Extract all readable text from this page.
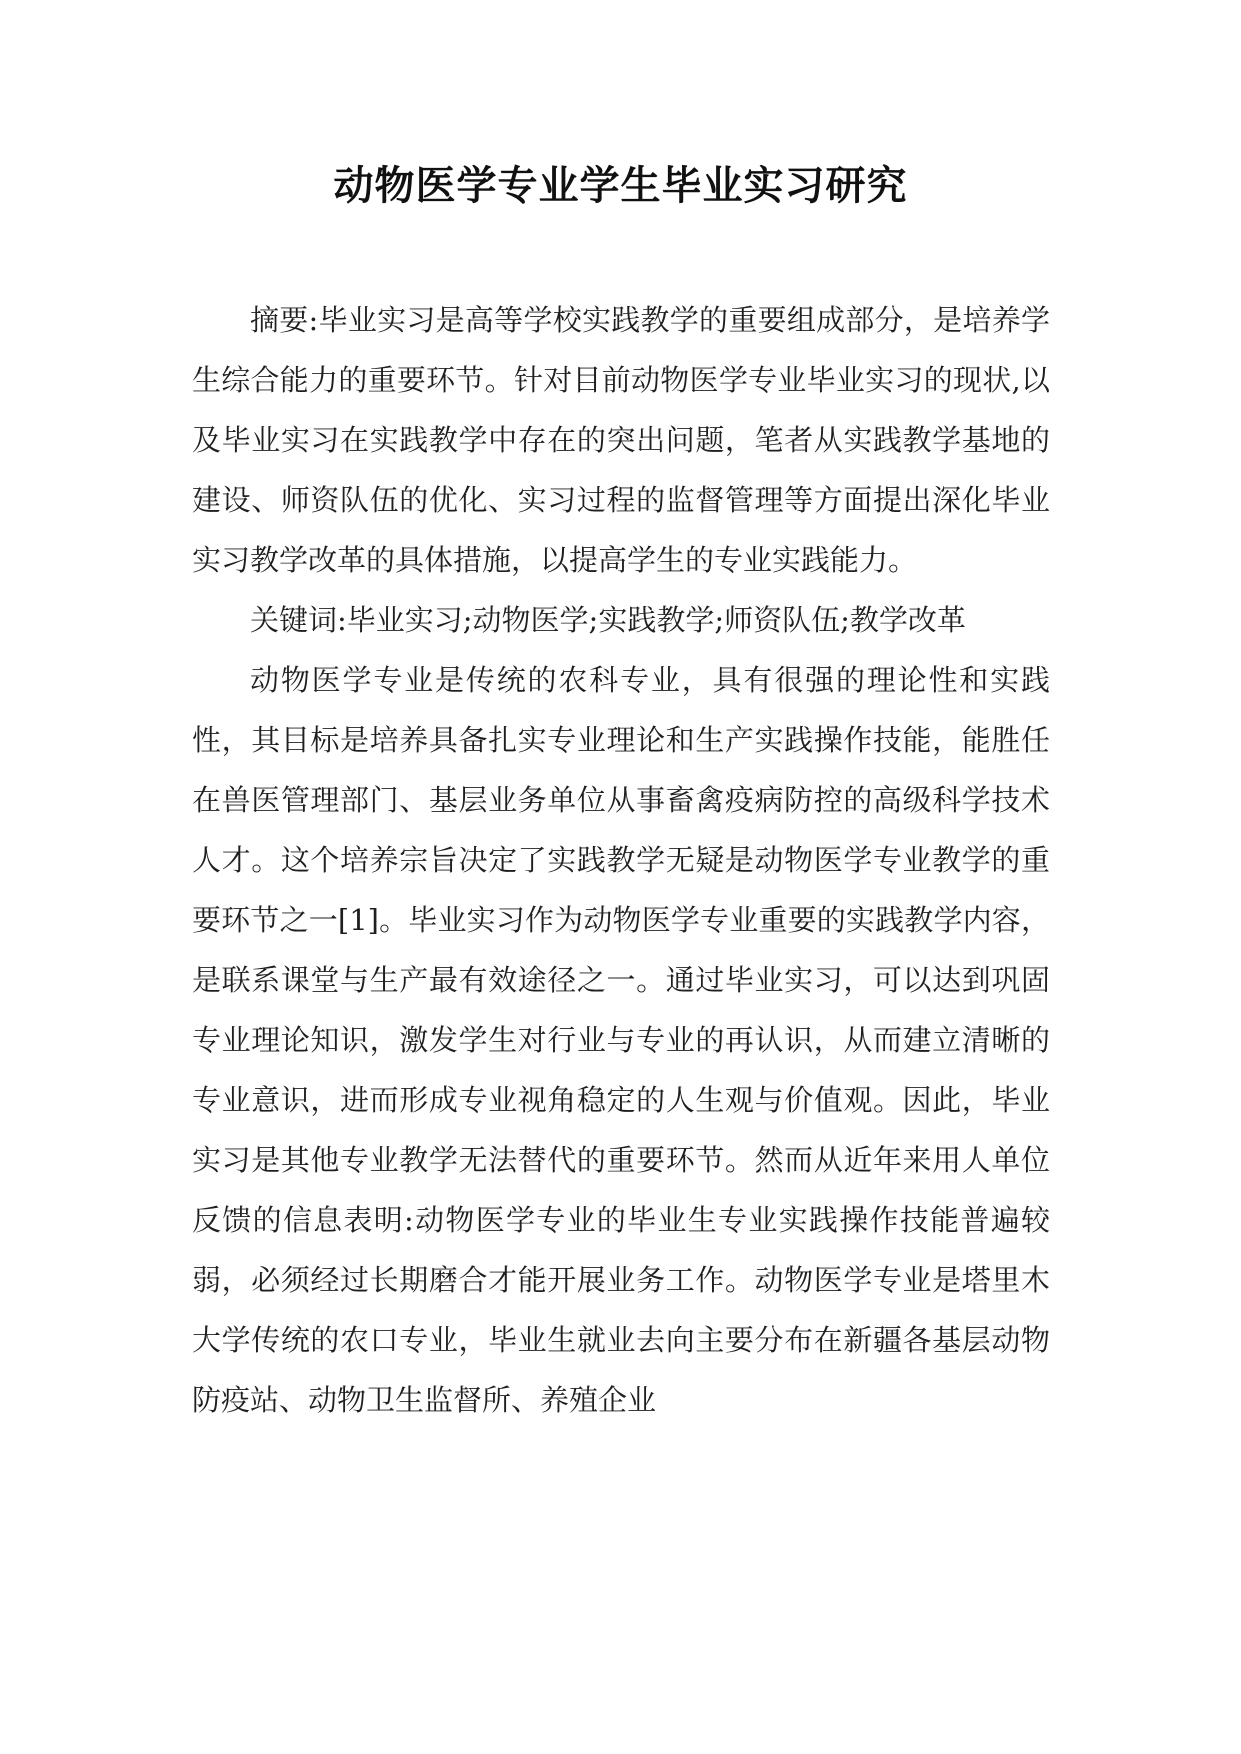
动物医学专业学生毕业实习研究

摘要:毕业实习是高等学校实践教学的重要组成部分，是培养学生综合能力的重要环节。针对目前动物医学专业毕业实习的现状,以及毕业实习在实践教学中存在的突出问题，笔者从实践教学基地的建设、师资队伍的优化、实习过程的监督管理等方面提出深化毕业实习教学改革的具体措施，以提高学生的专业实践能力。

关键词:毕业实习;动物医学;实践教学;师资队伍;教学改革

动物医学专业是传统的农科专业，具有很强的理论性和实践性，其目标是培养具备扎实专业理论和生产实践操作技能，能胜任在兽医管理部门、基层业务单位从事畜禽疫病防控的高级科学技术人才。这个培养宗旨决定了实践教学无疑是动物医学专业教学的重要环节之一[1]。毕业实习作为动物医学专业重要的实践教学内容，是联系课堂与生产最有效途径之一。通过毕业实习，可以达到巩固专业理论知识，激发学生对行业与专业的再认识，从而建立清晰的专业意识，进而形成专业视角稳定的人生观与价值观。因此，毕业实习是其他专业教学无法替代的重要环节。然而从近年来用人单位反馈的信息表明:动物医学专业的毕业生专业实践操作技能普遍较弱，必须经过长期磨合才能开展业务工作。动物医学专业是塔里木大学传统的农口专业，毕业生就业去向主要分布在新疆各基层动物防疫站、动物卫生监督所、养殖企业
